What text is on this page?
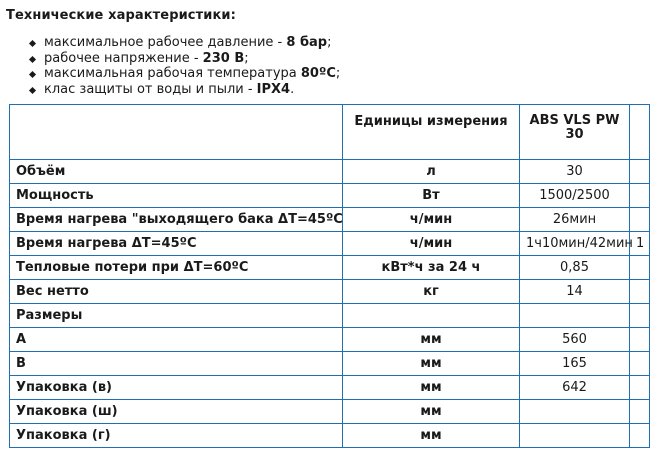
Технические характеристики:
максимальное рабочее давление - 8 бар;
рабочее напряжение - 230 В;
максимальная рабочая температура 80ºС;
клас защиты от воды и пыли - IPX4.
	Единицы измерения	ABS VLS PW 30	
Объём	л	30	
Мощность	Вт	1500/2500	
Время нагрева "выходящего бака ΔТ=45ºС	ч/мин	26мин	
Время нагрева ΔТ=45ºС	ч/мин	1ч10мин/42мин	1
Тепловые потери при ΔТ=60ºС	кВт*ч за 24 ч	0,85	
Вес нетто	кг	14	
Размеры			
А	мм	560	
В	мм	165	
Упаковка (в)	мм	642	
Упаковка (ш)	мм		
Упаковка (г)	мм		
